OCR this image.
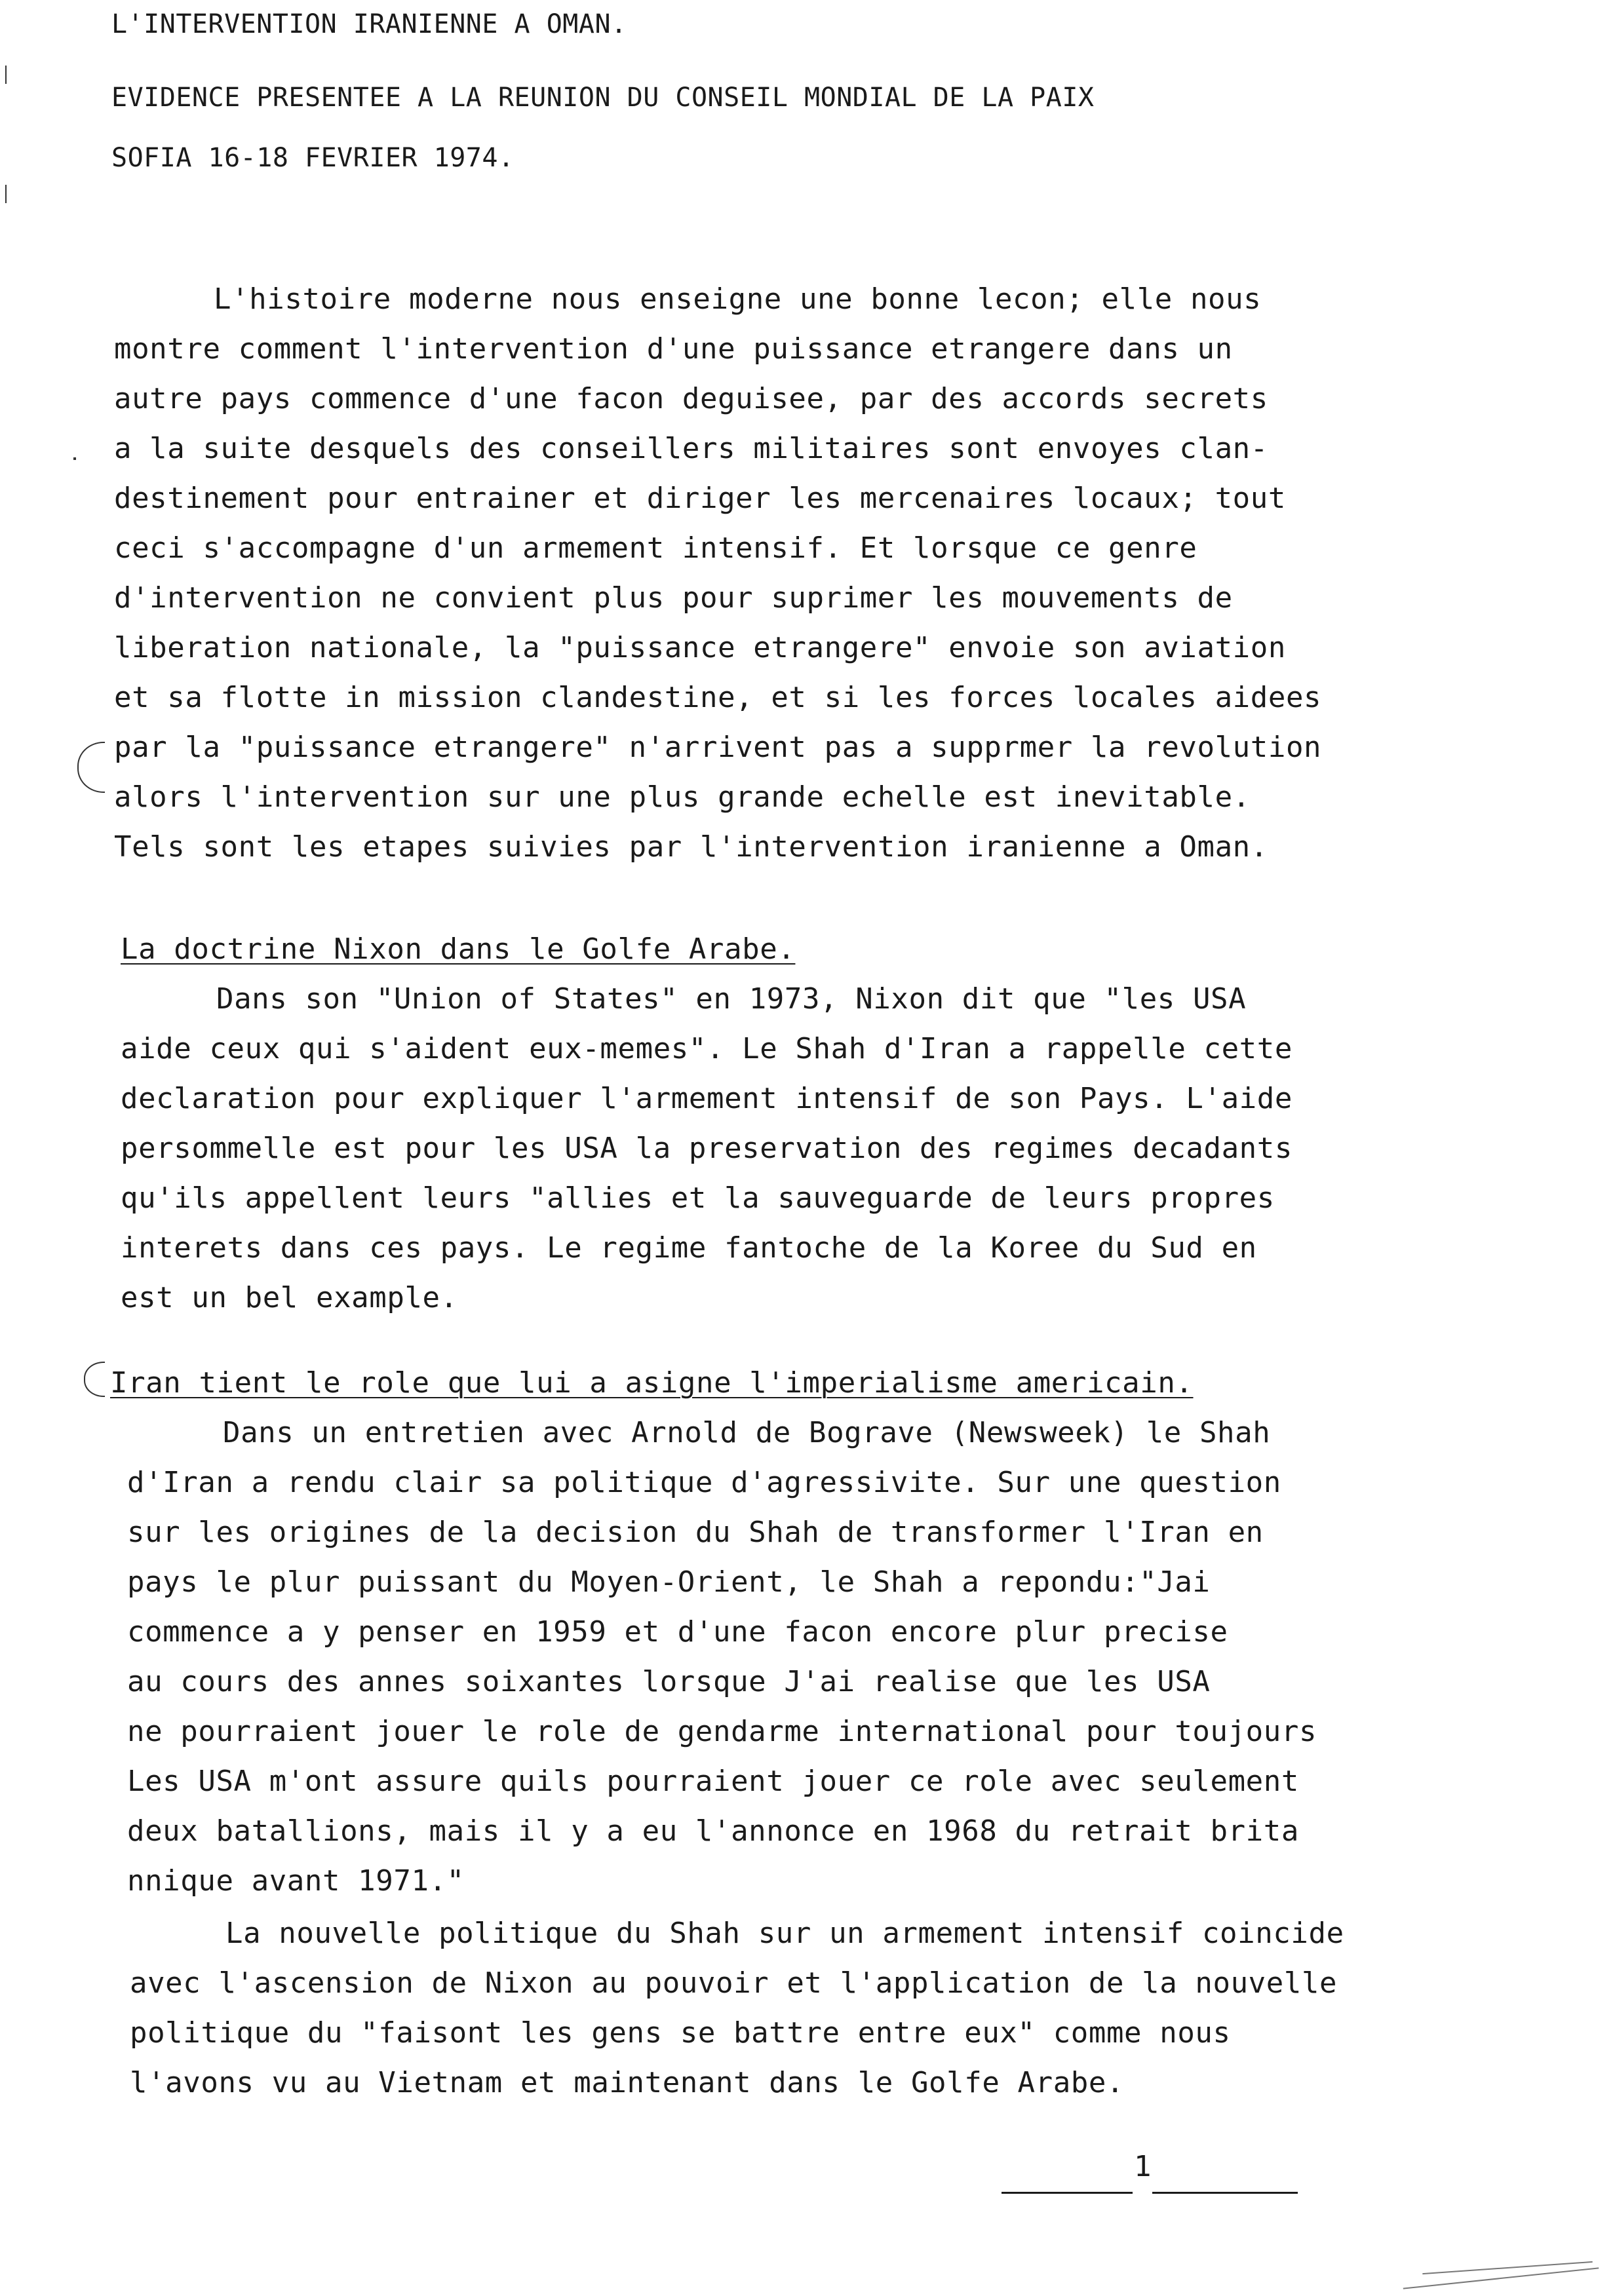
L'INTERVENTION IRANIENNE A OMAN.

EVIDENCE PRESENTEE A LA REUNION DU CONSEIL MONDIAL DE LA PAIX

SOFIA 16-18 FEVRIER 1974.

L'histoire moderne nous enseigne une bonne lecon; elle nous

montre comment l'intervention d'une puissance etrangere dans un

autre pays commence d'une facon deguisee, par des accords secrets

a la suite desquels des conseillers militaires sont envoyes clan-

destinement pour entrainer et diriger les mercenaires locaux; tout

ceci s'accompagne d'un armement intensif. Et lorsque ce genre

d'intervention ne convient plus pour suprimer les mouvements de

liberation nationale, la "puissance etrangere" envoie son aviation

et sa flotte in mission clandestine, et si les forces locales aidees

par la "puissance etrangere" n'arrivent pas a supprmer la revolution

alors l'intervention sur une plus grande echelle est inevitable.

Tels sont les etapes suivies par l'intervention iranienne a Oman.

La doctrine Nixon dans le Golfe Arabe.

Dans son "Union of States" en 1973, Nixon dit que "les USA

aide ceux qui s'aident eux-memes". Le Shah d'Iran a rappelle cette

declaration pour expliquer l'armement intensif de son Pays. L'aide

persommelle est pour les USA la preservation des regimes decadants

qu'ils appellent leurs "allies et la sauveguarde de leurs propres

interets dans ces pays. Le regime fantoche de la Koree du Sud en

est un bel example.

Iran tient le role que lui a asigne l'imperialisme americain.

Dans un entretien avec Arnold de Bograve (Newsweek) le Shah

d'Iran a rendu clair sa politique d'agressivite. Sur une question

sur les origines de la decision du Shah de transformer l'Iran en

pays le plur puissant du Moyen-Orient, le Shah a repondu:"Jai

commence a y penser en 1959 et d'une facon encore plur precise

au cours des annes soixantes lorsque J'ai realise que les USA

ne pourraient jouer le role de gendarme international pour toujours

Les USA m'ont assure quils pourraient jouer ce role avec seulement

deux batallions, mais il y a eu l'annonce en 1968 du retrait brita

nnique avant 1971."

La nouvelle politique du Shah sur un armement intensif coincide

avec l'ascension de Nixon au pouvoir et l'application de la nouvelle

politique du "faisont les gens se battre entre eux" comme nous

l'avons vu au Vietnam et maintenant dans le Golfe Arabe.

1
